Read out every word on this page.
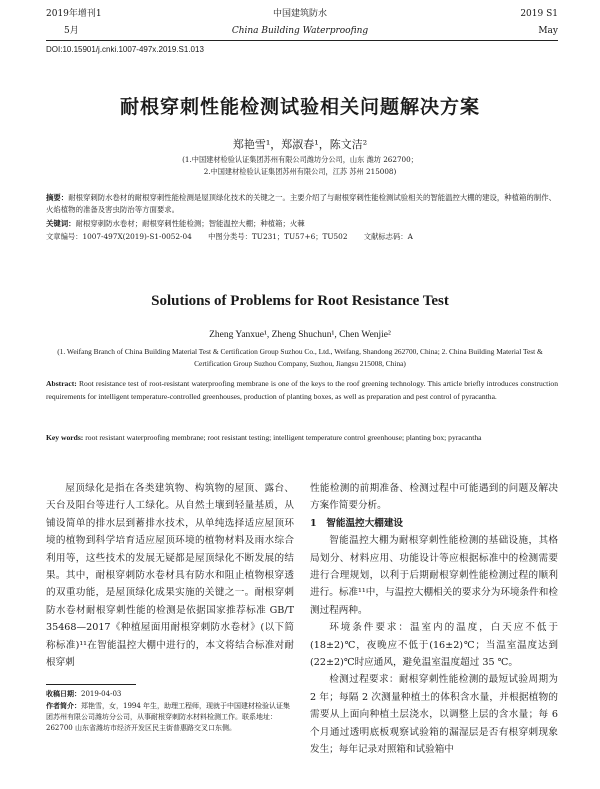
2019年增刊1
5月
中国建筑防水
China Building Waterproofing
2019 S1
May
DOI:10.15901/j.cnki.1007-497x.2019.S1.013
耐根穿刺性能检测试验相关问题解决方案
郑艳雪¹，郑淑春¹，陈文洁²
(1.中国建材检验认证集团苏州有限公司潍坊分公司，山东 潍坊 262700；
2.中国建材检验认证集团苏州有限公司，江苏 苏州 215008)
摘要：耐根穿刺防水卷材的耐根穿刺性能检测是屋顶绿化技术的关键之一。主要介绍了与耐根穿刺性能检测试验相关的智能温控大棚的建设，种植箱的制作、火焰植物的准备及害虫防治等方面要求。
关键词：耐根穿刺防水卷材；耐根穿刺性能检测；智能温控大棚；种植箱；火棘
文章编号：1007-497X(2019)-S1-0052-04 中图分类号：TU231；TU57+6；TU502 文献标志码：A
Solutions of Problems for Root Resistance Test
Zheng Yanxue¹, Zheng Shuchun¹, Chen Wenjie²
(1. Weifang Branch of China Building Material Test & Certification Group Suzhou Co., Ltd., Weifang, Shandong 262700, China; 2. China Building Material Test & Certification Group Suzhou Company, Suzhou, Jiangsu 215008, China)
Abstract: Root resistance test of root-resistant waterproofing membrane is one of the keys to the roof greening technology. This article briefly introduces construction requirements for intelligent temperature-controlled greenhouses, production of planting boxes, as well as preparation and pest control of pyracantha.
Key words: root resistant waterproofing membrane; root resistant testing; intelligent temperature control greenhouse; planting box; pyracantha

屋顶绿化是指在各类建筑物、构筑物的屋顶、露台、天台及阳台等进行人工绿化。从自然土壤到轻量基质，从铺设简单的排水层到蓄排水技术，从单纯选择适应屋顶环境的植物到科学培育适应屋顶环境的植物材料及雨水综合利用等，这些技术的发展无疑都是屋顶绿化不断发展的结果。其中，耐根穿刺防水卷材具有防水和阻止植物根穿透的双重功能，是屋顶绿化成果实施的关键之一。耐根穿刺防水卷材耐根穿刺性能的检测是依据国家推荐标准 GB/T 35468—2017《种植屋面用耐根穿刺防水卷材》(以下简称标准)¹¹在智能温控大棚中进行的，本文将结合标准对耐根穿刺

性能检测的前期准备、检测过程中可能遇到的问题及解决方案作简要分析。

1　智能温控大棚建设

智能温控大棚为耐根穿刺性能检测的基础设施，其格局划分、材料应用、功能设计等应根据标准中的检测需要进行合理规划，以利于后期耐根穿刺性能检测过程的顺利进行。标准¹¹中，与温控大棚相关的要求分为环境条件和检测过程两种。

环境条件要求：温室内的温度，白天应不低于(18±2)℃，夜晚应不低于(16±2)℃；当温室温度达到(22±2)℃时应通风，避免温室温度超过 35 ℃。

检测过程要求：耐根穿刺性能检测的最短试验周期为 2 年；每隔 2 次测量种植土的体积含水量，并根据植物的需要从上面向种植土层浇水，以调整上层的含水量；每 6 个月通过透明底板观察试验箱的漏湿层是否有根穿刺现象发生；每年记录对照箱和试验箱中

收稿日期：2019-04-03
作者简介：郑艳雪，女，1994 年生，助理工程师，现就于中国建材检验认证集团苏州有限公司潍坊分公司，从事耐根穿刺防水材料检测工作。联系地址：262700 山东省潍坊市经济开发区民主街普惠路交叉口东侧。
